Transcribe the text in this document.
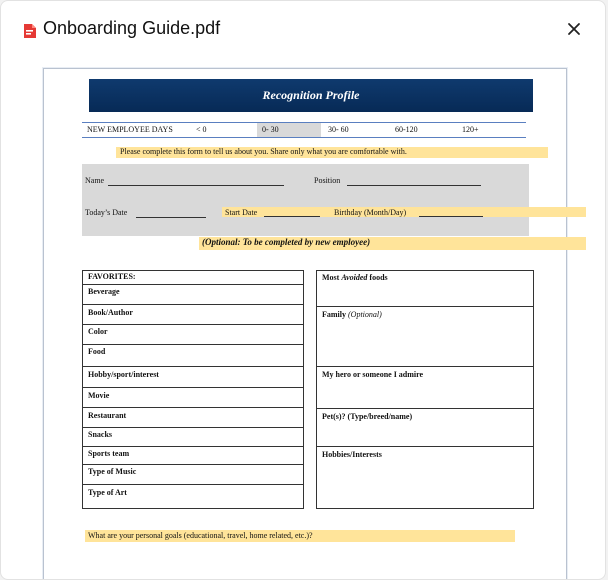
Onboarding Guide.pdf
Recognition Profile
NEW EMPLOYEE DAYS	< 0	0- 30	30- 60	60-120	120+
Please complete this form to tell us about you. Share only what you are comfortable with.
Name	Position
Today’s Date	Start Date	Birthday (Month/Day)
(Optional: To be completed by new employee)
FAVORITES:
Beverage
Book/Author
Color
Food
Hobby/sport/interest
Movie
Restaurant
Snacks
Sports team
Type of Music
Type of Art
Most Avoided foods
Family (Optional)
My hero or someone I admire
Pet(s)? (Type/breed/name)
Hobbies/Interests
What are your personal goals (educational, travel, home related, etc.)?
